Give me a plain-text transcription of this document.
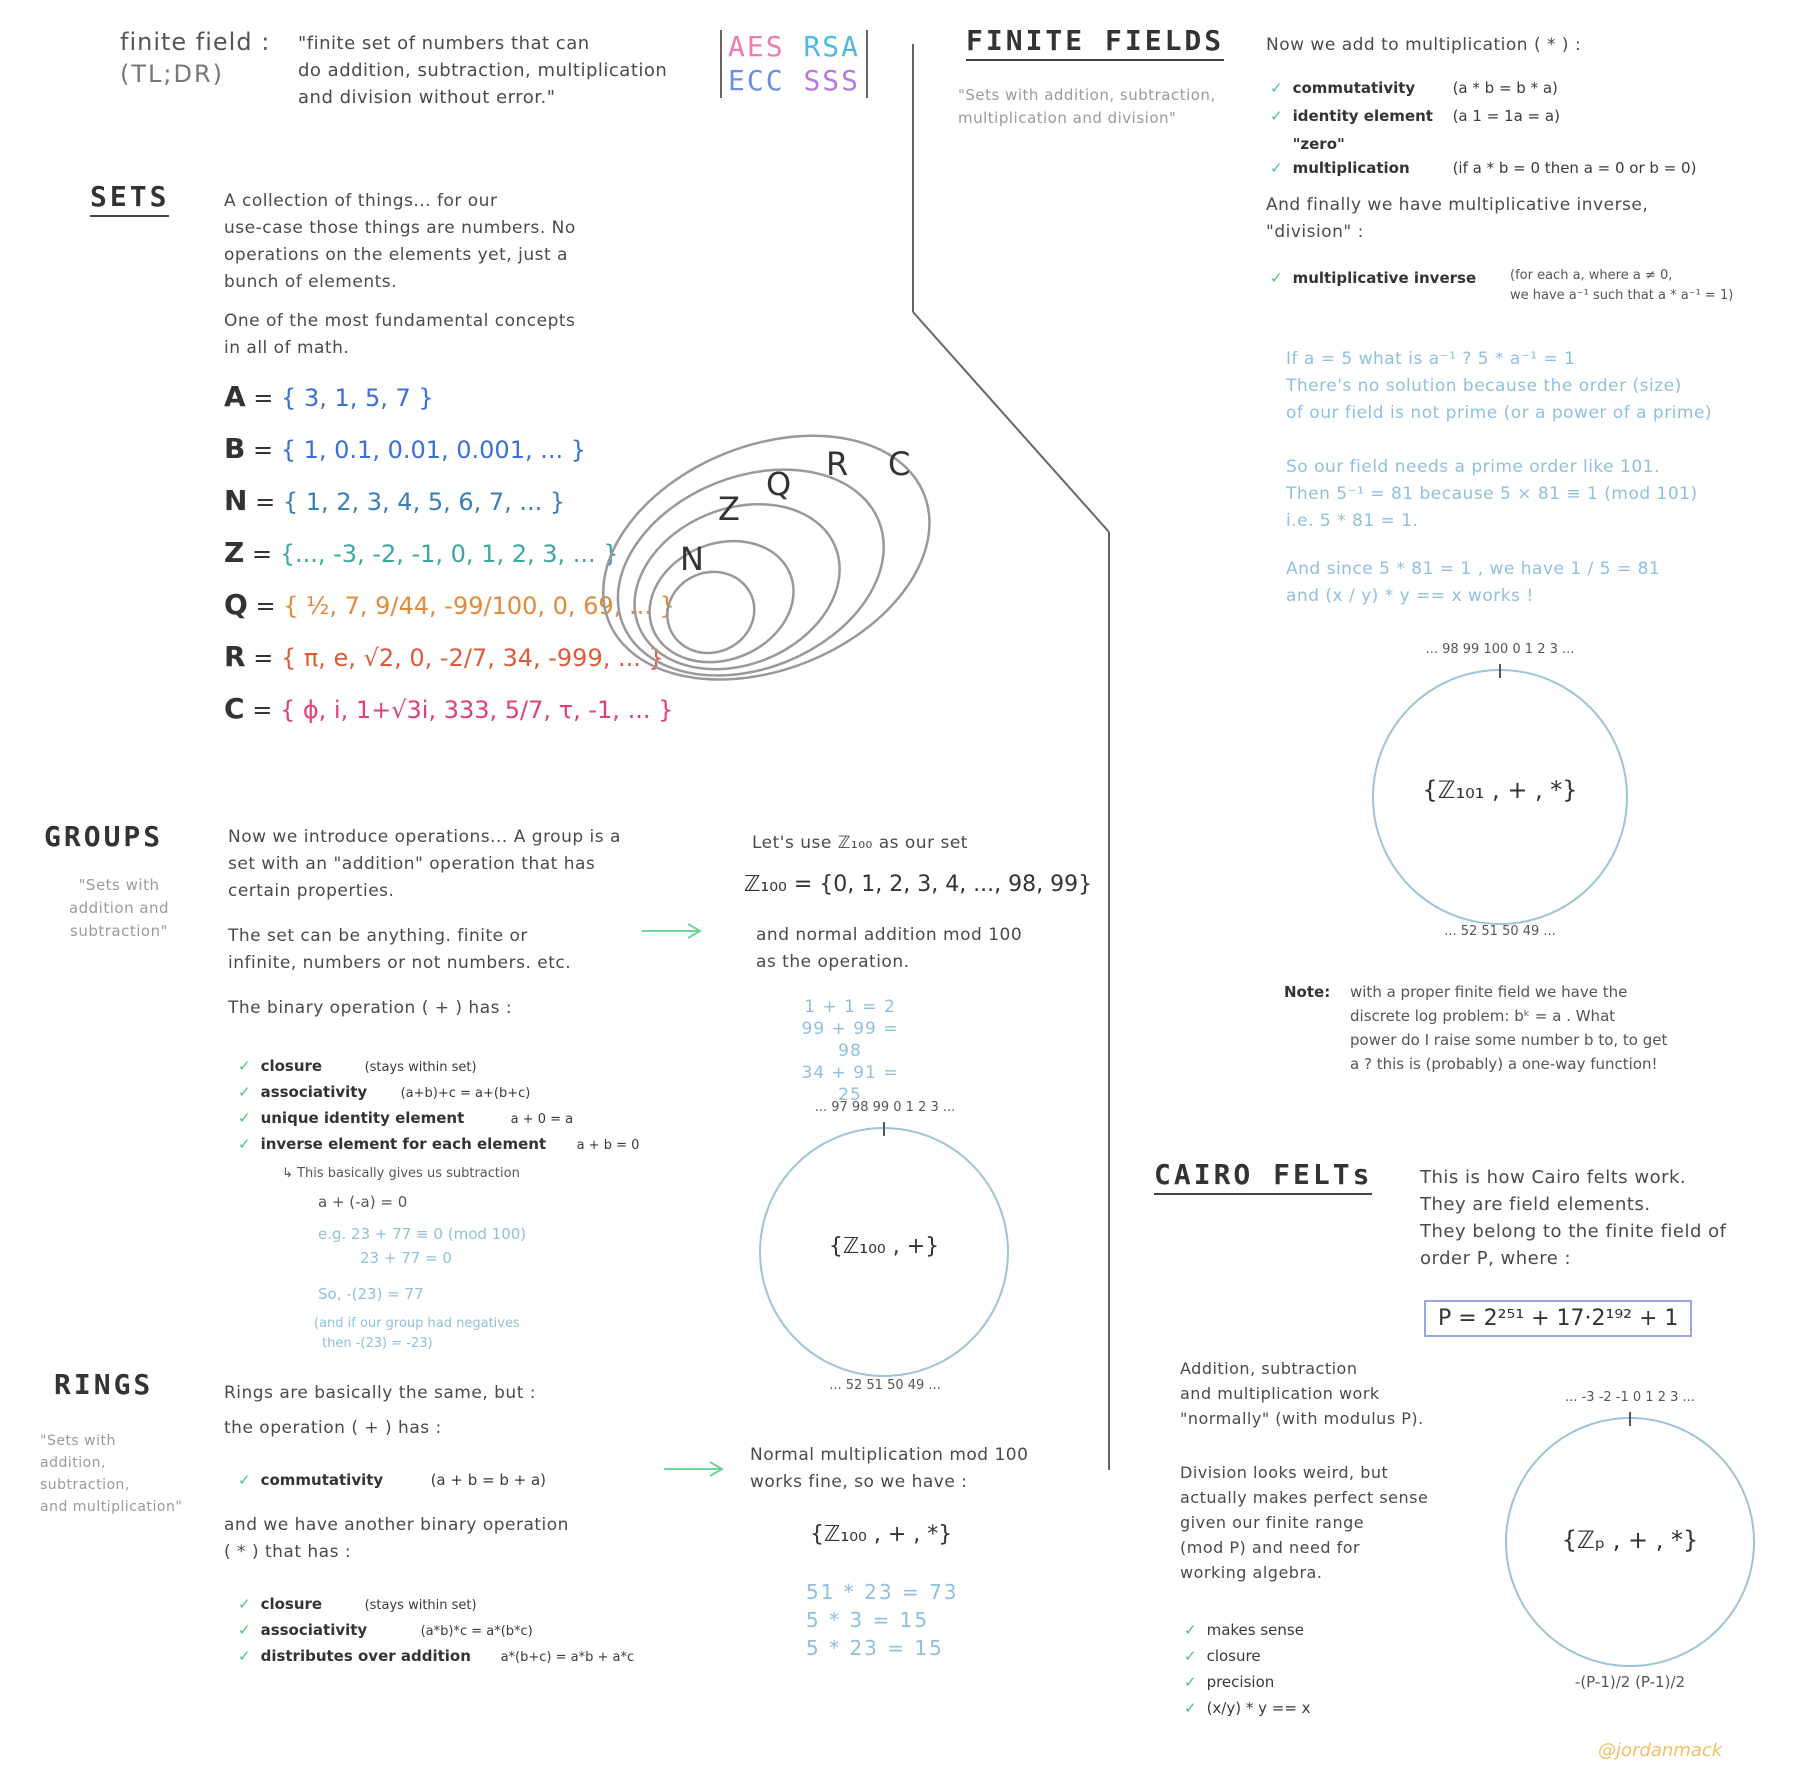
finite field :
(TL;DR)
"finite set of numbers that can
do addition, subtraction, multiplication
and division without error."
AES RSA
ECC SSS
SETS	A collection of things... for our
use-case those things are numbers. No
operations on the elements yet, just a
bunch of elements.
One of the most fundamental concepts
in all of math.
A = { 3, 1, 5, 7 }
B = { 1, 0.1, 0.01, 0.001, ... }
N = { 1, 2, 3, 4, 5, 6, 7, ... }
Z = {..., -3, -2, -1, 0, 1, 2, 3, ... }
Q = { ½, 7, 9/44, -99/100, 0, 69, ... }
R = { π, e, √2, 0, -2/7, 34, -999, ... }
C = { ϕ, i, 1+√3i, 333, 5/7, τ, -1, ... }
N
Z
Q
R C
FINITE FIELDS
"Sets with addition, subtraction,
multiplication and division"
Now we add to multiplication ( * ) :
✓ commutativity (a * b = b * a)
✓ identity element (a 1 = 1a = a)
✓"zero" multiplication	(if a * b = 0 then a = 0 or b = 0)
And finally we have multiplicative inverse,
"division" :
✓ multiplicative inverse	(for each a, where a ≠ 0,
we have a⁻¹ such that a * a⁻¹ = 1)
If a = 5 what is a⁻¹ ? 5 * a⁻¹ = 1
There's no solution because the order (size)
of our field is not prime (or a power of a prime)
So our field needs a prime order like 101.
Then 5⁻¹ = 81 because 5 × 81 ≡ 1 (mod 101)
i.e. 5 * 81 = 1.
And since 5 * 81 = 1 , we have 1 / 5 = 81
and (x / y) * y == x works !
... 98 99 100 0 1 2 3 ...
{ℤ₁₀₁ , + , *}
... 52 51 50 49 ...
Note: with a proper finite field we have the
discrete log problem: bᵏ = a . What
power do I raise some number b to, to get
a ? this is (probably) a one-way function!
GROUPS
"Sets with
addition and
subtraction"
Now we introduce operations... A group is a
set with an "addition" operation that has
certain properties.
The set can be anything. finite or
infinite, numbers or not numbers. etc.
The binary operation ( + ) has :
✓ closure	(stays within set)
✓ associativity	(a+b)+c = a+(b+c)
✓ unique identity element	a + 0 = a
✓ inverse element for each element a + b = 0
↳ This basically gives us subtraction
a + (-a) = 0
e.g. 23 + 77 ≡ 0 (mod 100)
23 + 77 = 0
So, -(23) = 77
(and if our group had negatives
then -(23) = -23)
Let's use ℤ₁₀₀ as our set
ℤ₁₀₀ = {0, 1, 2, 3, 4, ..., 98, 99}
and normal addition mod 100
as the operation.
1 + 1 = 2
99 + 99 = 98
34 + 91 = 25
... 97 98 99 0 1 2 3 ...
{ℤ₁₀₀ , +}
... 52 51 50 49 ...
RINGS
"Sets with
addition,
subtraction,
and multiplication"
Rings are basically the same, but :
the operation ( + ) has :
✓ commutativity	(a + b = b + a)
and we have another binary operation
( * ) that has :
✓ closure	(stays within set)
✓ associativity	(a*b)*c = a*(b*c)
✓ distributes over addition a*(b+c) = a*b + a*c
Normal multiplication mod 100
works fine, so we have :
{ℤ₁₀₀ , + , *}
51 * 23 = 73
5 * 3 = 15
5 * 23 = 15
CAIRO FELTs	This is how Cairo felts work.
They are field elements.
They belong to the finite field of
order P, where :
P = 2²⁵¹ + 17·2¹⁹² + 1
Addition, subtraction
and multiplication work
"normally" (with modulus P).
Division looks weird, but
actually makes perfect sense
given our finite range
(mod P) and need for
working algebra.
✓ makes sense
✓ closure
✓ precision
✓ (x/y) * y == x
... -3 -2 -1 0 1 2 3 ...
{ℤₚ , + , *}
-(P-1)/2 (P-1)/2
@jordanmack
